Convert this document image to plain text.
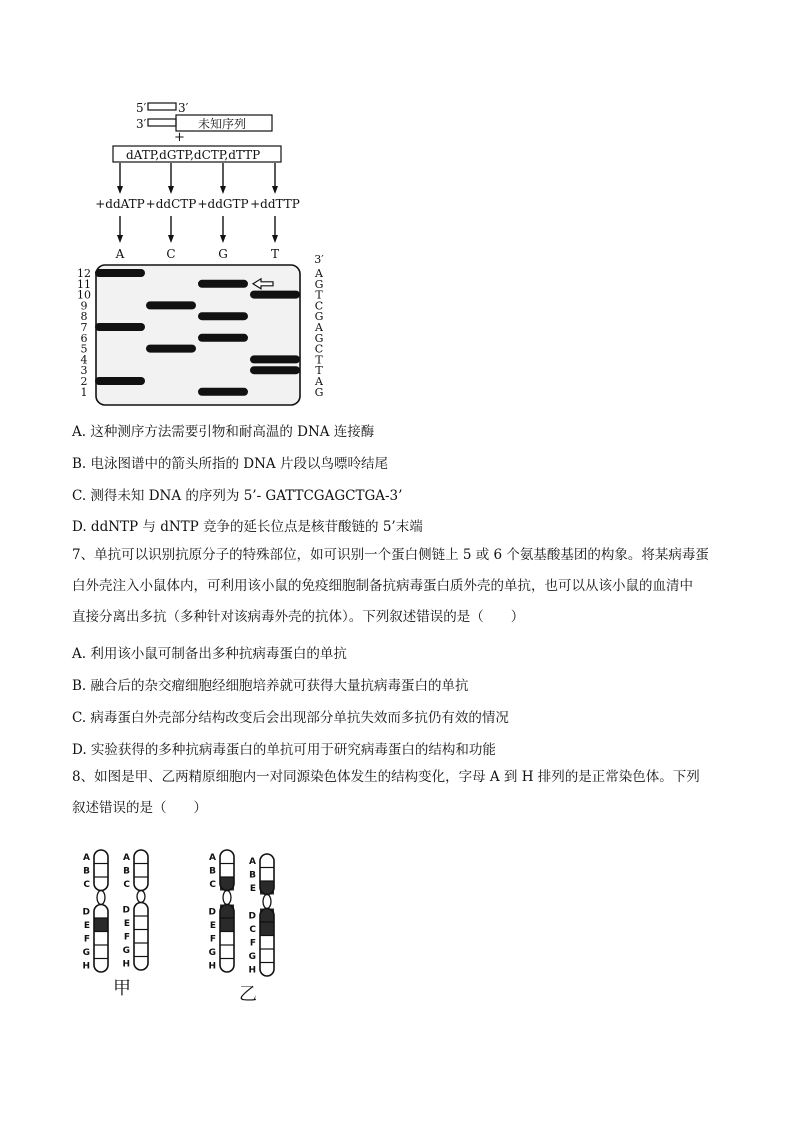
5′	3′
3′	未知序列
+
dATP,dGTP,dCTP,dTTP
+ddATP +ddCTP +ddGTP +ddTTP
12
11
10
9
8
7
6
5
4
3
2
1
A	C	G	T	3′
A
G
T
C
G
A
G
C
T
T
A
G
A. 这种测序方法需要引物和耐高温的 DNA 连接酶
B. 电泳图谱中的箭头所指的 DNA 片段以鸟嘌呤结尾
C. 测得未知 DNA 的序列为 5’- GATTCGAGCTGA-3’
D. ddNTP 与 dNTP 竞争的延长位点是核苷酸链的 5’末端
7、单抗可以识别抗原分子的特殊部位，如可识别一个蛋白侧链上 5 或 6 个氨基酸基团的构象。将某病毒蛋
白外壳注入小鼠体内，可利用该小鼠的免疫细胞制备抗病毒蛋白质外壳的单抗，也可以从该小鼠的血清中
直接分离出多抗（多种针对该病毒外壳的抗体）。下列叙述错误的是（　　）
A. 利用该小鼠可制备出多种抗病毒蛋白的单抗
B. 融合后的杂交瘤细胞经细胞培养就可获得大量抗病毒蛋白的单抗
C. 病毒蛋白外壳部分结构改变后会出现部分单抗失效而多抗仍有效的情况
D. 实验获得的多种抗病毒蛋白的单抗可用于研究病毒蛋白的结构和功能
8、如图是甲、乙两精原细胞内一对同源染色体发生的结构变化，字母 A 到 H 排列的是正常染色体。下列
叙述错误的是（　　）
A
B
C
D
E
F
G
H
A
B
C
D
E
F
G
H
A
B
C
D
E
F
G
H
A
B
E
D
C
F
G
H
甲	乙
